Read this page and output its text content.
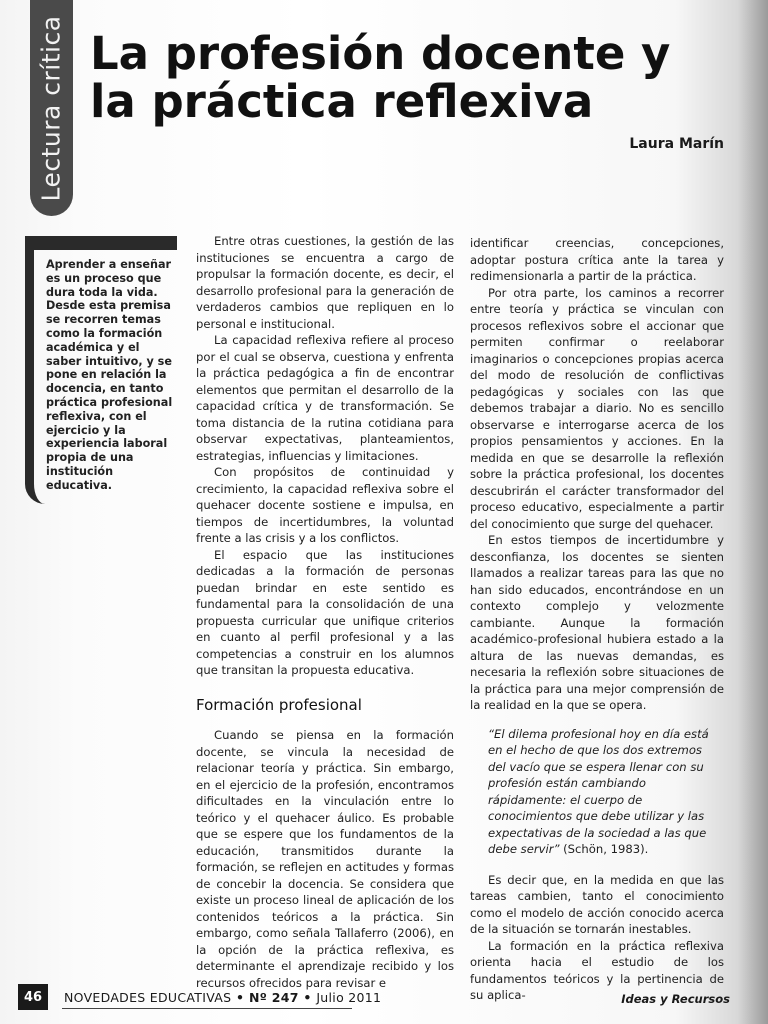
Lectura crítica La profesión docente y
la práctica reflexiva
Laura Marín
Aprender a enseñar es un proceso que dura toda la vida. Desde esta premisa se recorren temas como la formación académica y el saber intuitivo, y se pone en relación la docencia, en tanto práctica profesional reflexiva, con el ejercicio y la experiencia laboral propia de una institución educativa.

Entre otras cuestiones, la gestión de las instituciones se encuentra a cargo de propulsar la formación docente, es decir, el desarrollo profesional para la generación de verdaderos cambios que repliquen en lo personal e institucional.

La capacidad reflexiva refiere al proceso por el cual se observa, cuestiona y enfrenta la práctica pedagógica a fin de encontrar elementos que permitan el desarrollo de la capacidad crítica y de transformación. Se toma distancia de la rutina cotidiana para observar expectativas, planteamientos, estrategias, influencias y limitaciones.

Con propósitos de continuidad y crecimiento, la capacidad reflexiva sobre el quehacer docente sostiene e impulsa, en tiempos de incertidumbres, la voluntad frente a las crisis y a los conflictos.

El espacio que las instituciones dedicadas a la formación de personas puedan brindar en este sentido es fundamental para la consolidación de una propuesta curricular que unifique criterios en cuanto al perfil profesional y a las competencias a construir en los alumnos que transitan la propuesta educativa.

Formación profesional

Cuando se piensa en la formación docente, se vincula la necesidad de relacionar teoría y práctica. Sin embargo, en el ejercicio de la profesión, encontramos dificultades en la vinculación entre lo teórico y el quehacer áulico. Es probable que se espere que los fundamentos de la educación, transmitidos durante la formación, se reflejen en actitudes y formas de concebir la docencia. Se considera que existe un proceso lineal de aplicación de los contenidos teóricos a la práctica. Sin embargo, como señala Tallaferro (2006), en la opción de la práctica reflexiva, es determinante el aprendizaje recibido y los recursos ofrecidos para revisar e

identificar creencias, concepciones, adoptar postura crítica ante la tarea y redimensionarla a partir de la práctica.

Por otra parte, los caminos a recorrer entre teoría y práctica se vinculan con procesos reflexivos sobre el accionar que permiten confirmar o reelaborar imaginarios o concepciones propias acerca del modo de resolución de conflictivas pedagógicas y sociales con las que debemos trabajar a diario. No es sencillo observarse e interrogarse acerca de los propios pensamientos y acciones. En la medida en que se desarrolle la reflexión sobre la práctica profesional, los docentes descubrirán el carácter transformador del proceso educativo, especialmente a partir del conocimiento que surge del quehacer.

En estos tiempos de incertidumbre y desconfianza, los docentes se sienten llamados a realizar tareas para las que no han sido educados, encontrándose en un contexto complejo y velozmente cambiante. Aunque la formación académico-profesional hubiera estado a la altura de las nuevas demandas, es necesaria la reflexión sobre situaciones de la práctica para una mejor comprensión de la realidad en la que se opera.

“El dilema profesional hoy en día está en el hecho de que los dos extremos del vacío que se espera llenar con su profesión están cambiando rápidamente: el cuerpo de conocimientos que debe utilizar y las expectativas de la sociedad a las que debe servir” (Schön, 1983).

Es decir que, en la medida en que las tareas cambien, tanto el conocimiento como el modelo de acción conocido acerca de la situación se tornarán inestables.

La formación en la práctica reflexiva orienta hacia el estudio de los fundamentos teóricos y la pertinencia de su aplica-

46	NOVEDADES EDUCATIVAS • Nº 247 • Julio 2011	Ideas y Recursos
